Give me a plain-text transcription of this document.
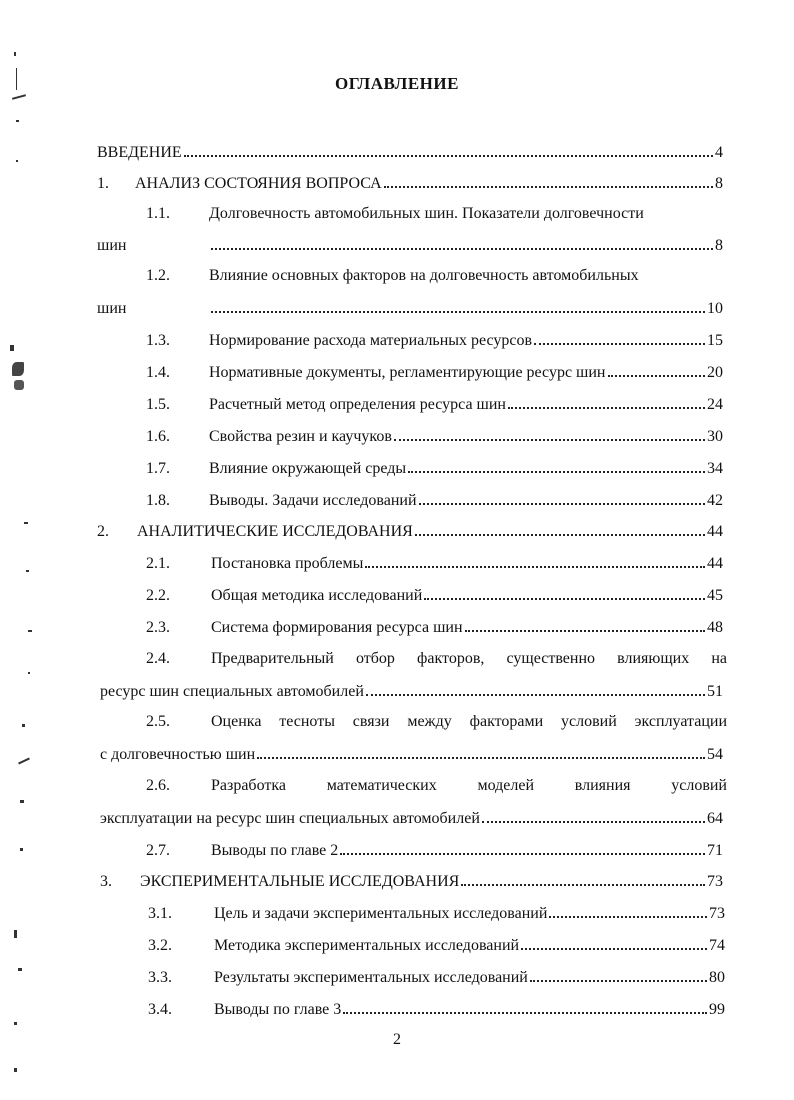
ОГЛАВЛЕНИЕ
ВВЕДЕНИЕ	4
1.	АНАЛИЗ СОСТОЯНИЯ ВОПРОСА	8
1.1.	Долговечность автомобильных шин. Показатели долговечности
шин	8
1.2.	Влияние основных факторов на долговечность автомобильных
шин	10
1.3.	Нормирование расхода материальных ресурсов	15
1.4.	Нормативные документы, регламентирующие ресурс шин	20
1.5.	Расчетный метод определения ресурса шин	24
1.6.	Свойства резин и каучуков	30
1.7.	Влияние окружающей среды	34
1.8.	Выводы. Задачи исследований	42
2.	АНАЛИТИЧЕСКИЕ ИССЛЕДОВАНИЯ	44
2.1.	Постановка проблемы	44
2.2.	Общая методика исследований	45
2.3.	Система формирования ресурса шин	48
2.4.	Предварительный отбор факторов, существенно влияющих на
ресурс шин специальных автомобилей	51
2.5.	Оценка тесноты связи между факторами условий эксплуатации
с долговечностью шин	54
2.6.	Разработка математических моделей влияния условий
эксплуатации на ресурс шин специальных автомобилей	64
2.7.	Выводы по главе 2	71
3.	ЭКСПЕРИМЕНТАЛЬНЫЕ ИССЛЕДОВАНИЯ	73
3.1.	Цель и задачи экспериментальных исследований	73
3.2.	Методика экспериментальных исследований	74
3.3.	Результаты экспериментальных исследований	80
3.4.	Выводы по главе 3	99
2
